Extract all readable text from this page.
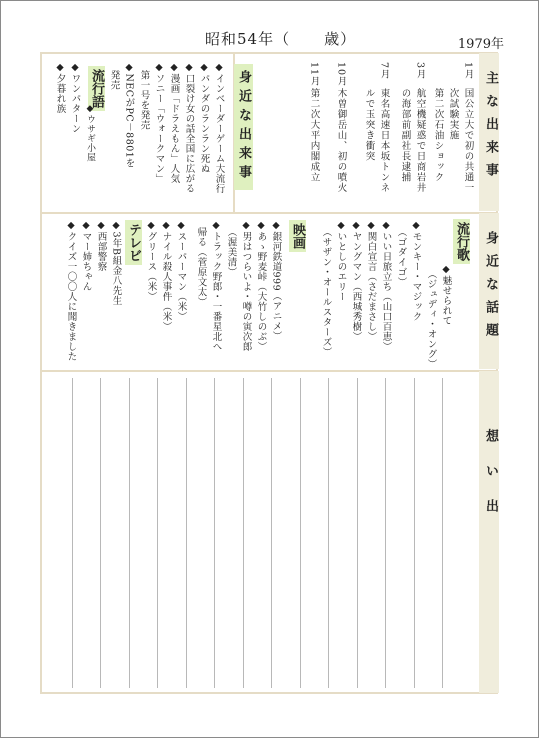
昭和54年（ 歳）	1979年
主な出来事
身近な話題
想い出
1月
国公立大で初の共通一
次試験実施
第二次石油ショック
3月
航空機疑惑で日商岩井
の海部前副社長逮捕
7月
東名高速日本坂トンネ
ルで玉突き衝突
10月
木曽御岳山、初の噴火
11月
第二次大平内閣成立
身近な出来事
◆インベーダーゲーム大流行
◆パンダのランラン死ぬ
◆口裂け女の話全国に広がる
◆漫画「ドラえもん」人気
◆ソニー「ウォークマン」
第一号を発売
◆NECがPC－8801を
発売
流行語
◆ウサギ小屋
◆ワンパターン
◆夕暮れ族
流行歌
◆魅せられて
（ジュディ・オング）
◆モンキー・マジック
（ゴダイゴ）
◆いい日旅立ち（山口百恵）
◆関白宣言（さだまさし）
◆ヤングマン（西城秀樹）
◆いとしのエリー
（サザン・オールスターズ）
映画
◆銀河鉄道999（アニメ）
◆あゝ野麦峠（大竹しのぶ）
◆男はつらいよ・噂の寅次郎
（渥美清）
◆トラック野郎・一番星北へ
帰る（菅原文太）
テレビ	◆スーパーマン（米）
◆ナイル殺人事件（米）
◆グリース（米）
◆3年B組金八先生
◆西部警察
◆マー姉ちゃん
◆クイズ一〇〇人に聞きました
